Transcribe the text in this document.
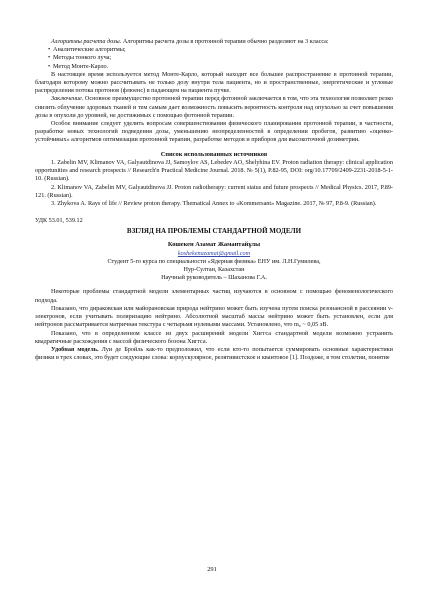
Алгоритмы расчета дозы. Алгоритмы расчета дозы в протонной терапии обычно разделяют на 3 класса:

• Аналитические алгоритмы;
• Методы тонкого луча;
• Метод Монте-Карло.

В настоящее время используется метод Монте-Карло, который находит все большее распространение в протонной терапии, благодаря которому можно рассчитывать не только дозу внутри тела пациента, но и пространственные, энергетические и угловые распределения потока протонов (флюенс) в падающем на пациента пучке.

Заключение. Основное преимущество протонной терапии перед фотонной заключается в том, что эта технология позволяет резко снизить облучение здоровых тканей и тем самым дает возможность повысить вероятность контроля над опухолью за счет повышения дозы в опухоли до уровней, не достижимых с помощью фотонной терапии.

Особое внимание следует уделить вопросам совершенствования физического планирования протонной терапии, в частности, разработке новых технологий подведения дозы, уменьшению неопределенностей в определении пробегов, развитию «оценко-устойчивых» алгоритмов оптимизации протонной терапии, разработке методов и приборов для высокоточной дозиметрии.

Список использованных источников

1. Zabelin MV, Klimanov VA, Galyautdinova JJ, Samoylov AS, Lebedev AO, Shelyhina EV. Proton radiation therapy: clinical application opportunities and research prospects // Research'n Practical Medicine Journal. 2018. № 5(1), P.82-95, DOI: org/10.17709/2409-2231-2018-5-1-10. (Russian).

2. Klimanov VA, Zabelin MV, Galyautdinova JJ. Proton radiotherapy: current status and future prospects // Medical Physics. 2017, P.89-121. (Russian).

3. Zhykova A. Rays of life // Review proton therapy. Thematical Annex to «Kommersant» Magazine. 2017, № 97, P.8-9. (Russian).

УДК 53.01, 539.12
ВЗГЛЯД НА ПРОБЛЕМЫ СТАНДАРТНОЙ МОДЕЛИ
Кошекен Азамат Жамантайұлы
koshekenazamat@gmail.com
Студент 5-го курса по специальности «Ядерная физика» ЕНУ им. Л.Н.Гумилева,
Нур-Султан, Казахстан
Научный руководитель – Шаханова Г.А.

Некоторые проблемы стандартной модели элементарных частиц изучаются в основном с помощью феноменологического подхода.

Показано, что дираковская или майорановская природа нейтрино может быть изучена путем поиска резонансной в рассеянии ν-электронов, если учитывать поляризацию нейтрино. Абсолютной масштаб массы нейтрино может быть установлен, если для нейтронов рассматривается матричная текстура с четырьмя нулевыми массами. Установлено, что m₀ ~ 0,05 эВ.

Показано, что в определенном классе из двух расширений модели Хиггса стандартной модели возможно устранить квадратичные расхождения с массой физического бозона Хиггса.

Удобная модель. Луи де Бройль как-то предположил, что если кто-то попытается суммировать основные характеристики физики в трех словах, это будет следующие слова: корпускулярное, релятивистское и квантовое [1]. Поздоже, в том столетии, понятие

291
